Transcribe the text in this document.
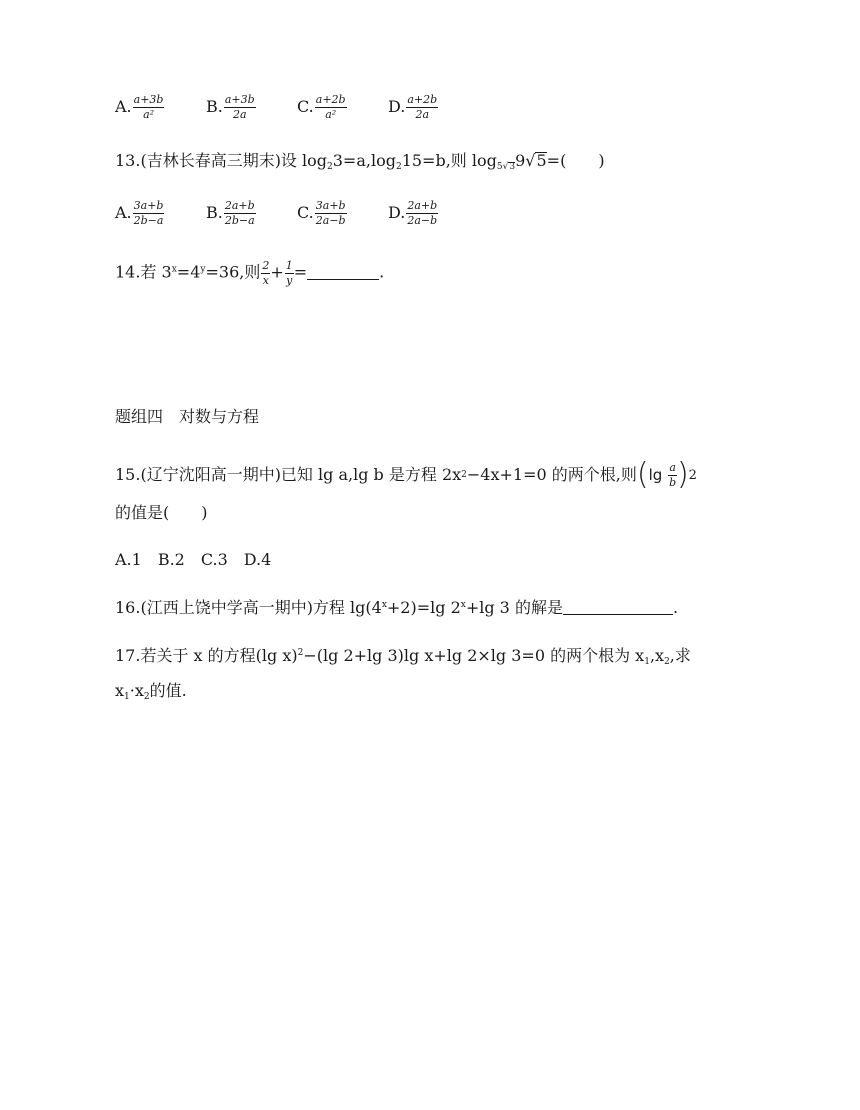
A. $\frac{a+3b}{\text{a²}}$	B. $\frac{a+3b}{2a}$	C. $\frac{a+2b}{\text{a²}}$	D. $\frac{a+2b}{2a}$
13.(吉林长春高三期末)设 $\log_23=a,\log_215=b$,则 $\log_{5√3}9√5=$(　　)
A. $\frac{3a+b}{2b-a}$	B. $\frac{2a+b}{2b-a}$	C. $\frac{3a+b}{2a-b}$	D. $\frac{2a+b}{2a-b}$
14.若 $3^x=4^y=36$,则 $\frac{2}{x} + \frac{1}{y}$ =	.
题组四　对数与方程
15.(辽宁沈阳高一期中)已知 lg a,lg b 是方程 2x 2 −4x+1=0 的两个根,则 ( lg
$\frac{a}{b}$ ) 2
的值是(　　)
A.1　B.2　C.3　D.4
16.(江西上饶中学高一期中)方程 $\lg(4^x+2)=\lg$ $2^x+\lg$ 3 的解是	.
17.若关于 x 的方程(lg x)$^2$−(lg 2+lg 3)lg x+lg 2×lg 3=0 的两个根为 $x_1,x_2$,求
$x_1\cdot x_2$的值.
